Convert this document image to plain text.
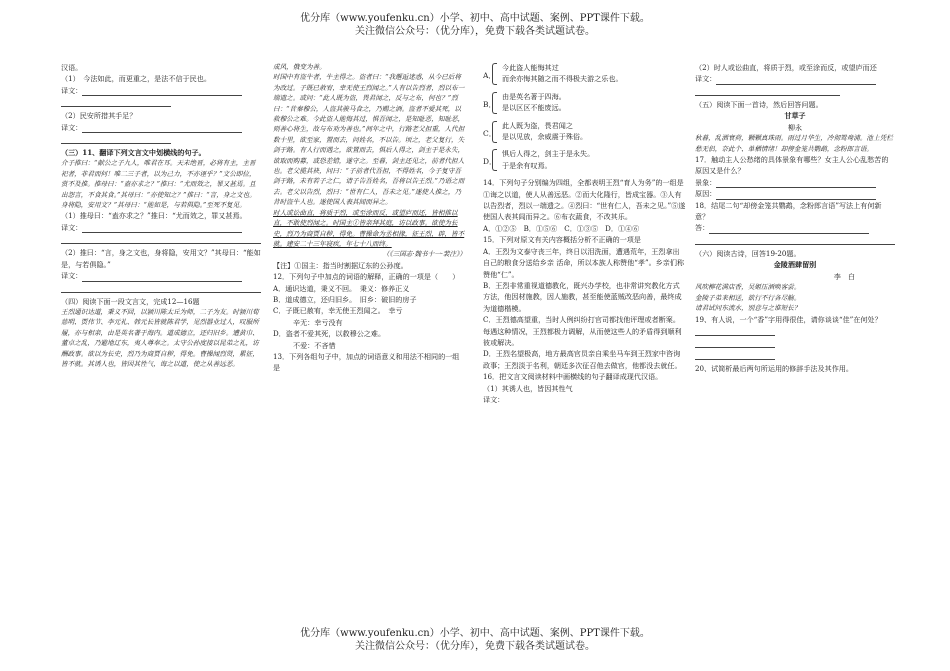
优分库（www.youfenku.cn）小学、初中、高中试题、案例、PPT课件下载。
关注微信公众号：（优分库），免费下载各类试题试卷。

汉语。

（1）　今法如此，而更重之，是法不信于民也。

译文：

（2）民安所措其手足？

译文：

（三）11、翻译下列文言文中划横线的句子。

介子推曰：“献公之子九人，唯君在耳。天未绝晋，必将有主，主晋祀者，非君而何！唯二三子者，以为己力，不亦诬乎？”文公即位，赏不及推。推母曰：“盍亦求之？”推曰：“尤而效之，罪又甚焉。且出怨言，不食其食。”其母曰：“亦使知之？”推曰：“言，身之文也。身将隐，安用文？”其母曰：“能如是，与若俱隐。”至死不复见。

（1）推母曰：“盍亦求之？”推曰：“尤而效之，罪又甚焉。

译文：

（2）推曰：“言，身之文也，身将隐，安用文？”其母曰：“能如是，与若俱隐。”

译文：

（四）阅读下面一段文言文，完成12—16题

王烈通识达道，秉义不回，以颍川陈太丘为师，二子为友。时颍川荀慈明、贾伟节、李元礼、韩元长皆就陈君学，见烈器业过人，叹服所履，亦与相亲，由是英名著于海内。道成德立，还归旧乡。遭黄巾、董卓之乱，乃避地辽东，夷人尊奉之。太守公孙度接以昆弟之礼，访酬政事。欲以为长史，烈乃为商贾自秽，得免。曹操闻烈贤，累征，皆不就。其诱人也，皆因其性气，诲之以道，使之从善远恶。

成风，俄变为善。

时国中有盗牛者，牛主得之。盗者曰：“我邂逅迷惑，从今已后将为改过。子既已赦宥，幸无使王烈闻之。”人有以告烈者，烈以布一端遗之。或问：“此人既为盗，畏君闻之，反与之布，何也？”烈曰：“昔秦穆公，人盗其骏马食之，乃赐之酒。盗者不爱其死，以救穆公之难。今此盗人能悔其过，惧吾闻之，是知耻恶，知耻恶，则善心将生，故与布劝为善也。”间年之中，行路老父担重，人代担数十里，欲至家，置而去，问姓名，不以告。顷之，老父复行，失剑于路。有人行而遇之，欲置而去，惧后人得之，剑主于是永失，欲取而购募，或恐差错，遂守之。至暮，剑主还见之，前者代担人也。老父揽其袂，问曰：“子前者代吾担，不得姓名，今子复守吾剑于路，未有若子之仁，请子告吾姓名，吾将以告王烈。”乃语之而去。老父以告烈，烈曰：“世有仁人，吾未之见。”遂使人推之，乃昔时盗牛人也。遂使国人表其闾而异之。

时人或讼曲直，将质于烈，或至涂而反，或望庐而还，皆相推以直，不敢使烈闻之。时国主①皆亲拜其庭，访以政事。欲使为长史，烈乃为商贾自秽，得免。曹操命为丞相掾，征王烈，辟，皆不就。建安二十三年寝疾，年七十八而终。

（《三国志·魏书十一·裴注》）

【注】①国主：指当时割据辽东的公孙度。

12．下列句子中加点的词语的解释，正确的一项是（　　）

A．通识达道，秉义不回。　秉义：修养正义

B．道成德立，还归旧乡。　旧乡：破旧的房子

C．子既已赦宥，幸无使王烈闻之。　幸亏

辛无：幸亏没有

D．盗者不爱其死，以救穆公之难。

不爱：不吝惜

13．下列各组句子中，加点的词语意义和用法不相同的一组是

A．

今此盗人能悔其过

而余亦悔其随之而不得极夫游之乐也。

B．

由是英名著于四海。

是以区区不能废远。

C．

此人既为盗，畏君闻之

是以见放，余威震于殊俗。

D．

惧后人得之，剑主于是永失。

于是余有叹焉。

14．下列句子分别编为四组，全都表明王烈“育人为务”的一组是

①诲之以道，使人从善远恶。②而大化隆行，皆成宝器。③人有以告烈者，烈以一端遗之。④烈曰：“世有仁人，吾未之见。”⑤遂使国人表其闾而异之。⑥布衣蔬食，不改其乐。

A．①②⑤　B．①⑤⑥　C．①③⑤　D．①④⑥

15．下列对原文有关内容概括分析不正确的一项是

A．王烈为文泰守丧三年，终日以泪洗面，遭遇荒年，王烈拿出自己的粮食分送给乡亲 活命，所以本族人称赞他“孝”。乡亲们称赞他“仁”。

B．王烈非常重视道德教化，既兴办学校，也非常讲究教化方式方法，他因材施教，因人施教，甚至能使蓝贼改恶向善，最终成为道德楷模。

C．王烈德高望重，当时人例纠纷打官司都找他评理或者断案。每遇这种情况，王烈都极力调解，从而使这些人的矛盾得到顺利彼或解决。

D．王烈名望极高，地方最高官员亲自乘坐马车到王烈家中咨询政事；王烈淡于名利，朝廷多次征召他去做官，他都没去就任。

16．把文言文阅读材料中画横线的句子翻译成现代汉语。

（1）其诱人也，皆因其性气

译文：

（2）时人或讼曲直，将质于烈，或至涂而反，或望庐而还

译文：

（五）阅读下面一首诗，然后回答问题。

甘草子

柳永

秋暮，乱洒衰荷，颗颗真珠雨。雨过月华生，冷彻鸳鸯浦。池上凭栏愁无侣，奈此个、单栖情绪！却傍金笼共鹦鹉，念粉郎言语。

17．触动主人公愁绪的具体景象有哪些？女主人公心乱愁苦的原因又是什么？

景象：

原因：

18．结尾二句“却傍金笼共鹦鹉，念粉郎言语”写法上有何新意？

答：

（六）阅读古诗，回答19-20题。

金陵酒肆留别

李　白

风吹柳花满店香，吴姬压酒唤客尝。

金陵子弟来相送，欲行不行各尽觞。

请君试问东流水，别意与之谁短长？

19、有人说，一个“香”字用得很佳，请你谈谈“佳”在何处？

20、试简析最后两句所运用的修辞手法及其作用。

优分库（www.youfenku.cn）小学、初中、高中试题、案例、PPT课件下载。
关注微信公众号：（优分库），免费下载各类试题试卷。
